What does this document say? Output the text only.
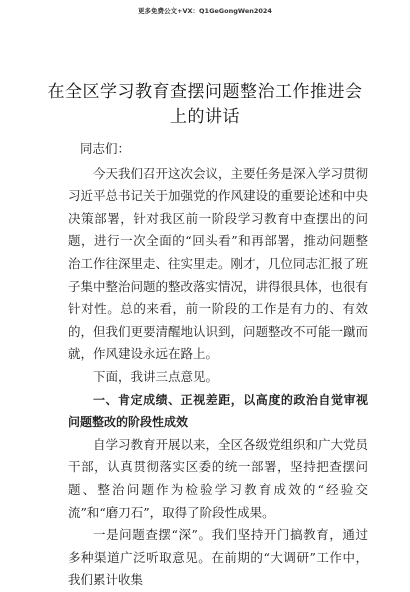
更多免费公文+VX：Q1GeGongWen2024
在全区学习教育查摆问题整治工作推进会上的讲话

同志们：

今天我们召开这次会议，主要任务是深入学习贯彻习近平总书记关于加强党的作风建设的重要论述和中央决策部署，针对我区前一阶段学习教育中查摆出的问题，进行一次全面的“回头看”和再部署，推动问题整治工作往深里走、往实里走。刚才，几位同志汇报了班子集中整治问题的整改落实情况，讲得很具体，也很有针对性。总的来看，前一阶段的工作是有力的、有效的，但我们更要清醒地认识到，问题整改不可能一蹴而就，作风建设永远在路上。

下面，我讲三点意见。

一、肯定成绩、正视差距，以高度的政治自觉审视问题整改的阶段性成效

自学习教育开展以来，全区各级党组织和广大党员干部，认真贯彻落实区委的统一部署，坚持把查摆问题、整治问题作为检验学习教育成效的“经验交流”和“磨刀石”，取得了阶段性成果。

一是问题查摆“深”。我们坚持开门搞教育，通过多种渠道广泛听取意见。在前期的“大调研”工作中，我们累计收集
